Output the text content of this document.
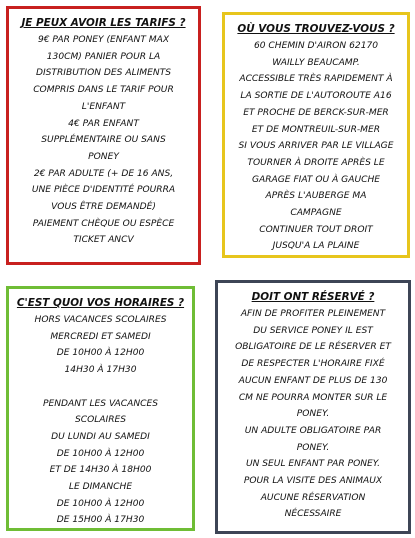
JE PEUX AVOIR LES TARIFS ?
9€ PAR PONEY (ENFANT MAX
130CM) PANIER POUR LA
DISTRIBUTION DES ALIMENTS
COMPRIS DANS LE TARIF POUR
L'ENFANT
4€ PAR ENFANT
SUPPLÉMENTAIRE OU SANS
PONEY
2€ PAR ADULTE (+ DE 16 ANS,
UNE PIÈCE D'IDENTITÉ POURRA
VOUS ÊTRE DEMANDÉ)
PAIEMENT CHÈQUE OU ESPÈCE
TICKET ANCV
OÙ VOUS TROUVEZ-VOUS ?
60 CHEMIN D'AIRON 62170
WAILLY BEAUCAMP.
ACCESSIBLE TRÈS RAPIDEMENT À
LA SORTIE DE L'AUTOROUTE A16
ET PROCHE DE BERCK-SUR-MER
ET DE MONTREUIL-SUR-MER
SI VOUS ARRIVER PAR LE VILLAGE
TOURNER À DROITE APRÈS LE
GARAGE FIAT OU À GAUCHE
APRÈS L'AUBERGE MA
CAMPAGNE
CONTINUER TOUT DROIT
JUSQU'A LA PLAINE
C'EST QUOI VOS HORAIRES ?
HORS VACANCES SCOLAIRES
MERCREDI ET SAMEDI
DE 10H00 À 12H00
14H30 À 17H30
PENDANT LES VACANCES
SCOLAIRES
DU LUNDI AU SAMEDI
DE 10H00 À 12H00
ET DE 14H30 À 18H00
LE DIMANCHE
DE 10H00 À 12H00
DE 15H00 À 17H30
DOIT ONT RÉSERVÉ ?
AFIN DE PROFITER PLEINEMENT
DU SERVICE PONEY IL EST
OBLIGATOIRE DE LE RÉSERVER ET
DE RESPECTER L'HORAIRE FIXÉ
AUCUN ENFANT DE PLUS DE 130
CM NE POURRA MONTER SUR LE
PONEY.
UN ADULTE OBLIGATOIRE PAR
PONEY.
UN SEUL ENFANT PAR PONEY.
POUR LA VISITE DES ANIMAUX
AUCUNE RÉSERVATION
NÉCESSAIRE
